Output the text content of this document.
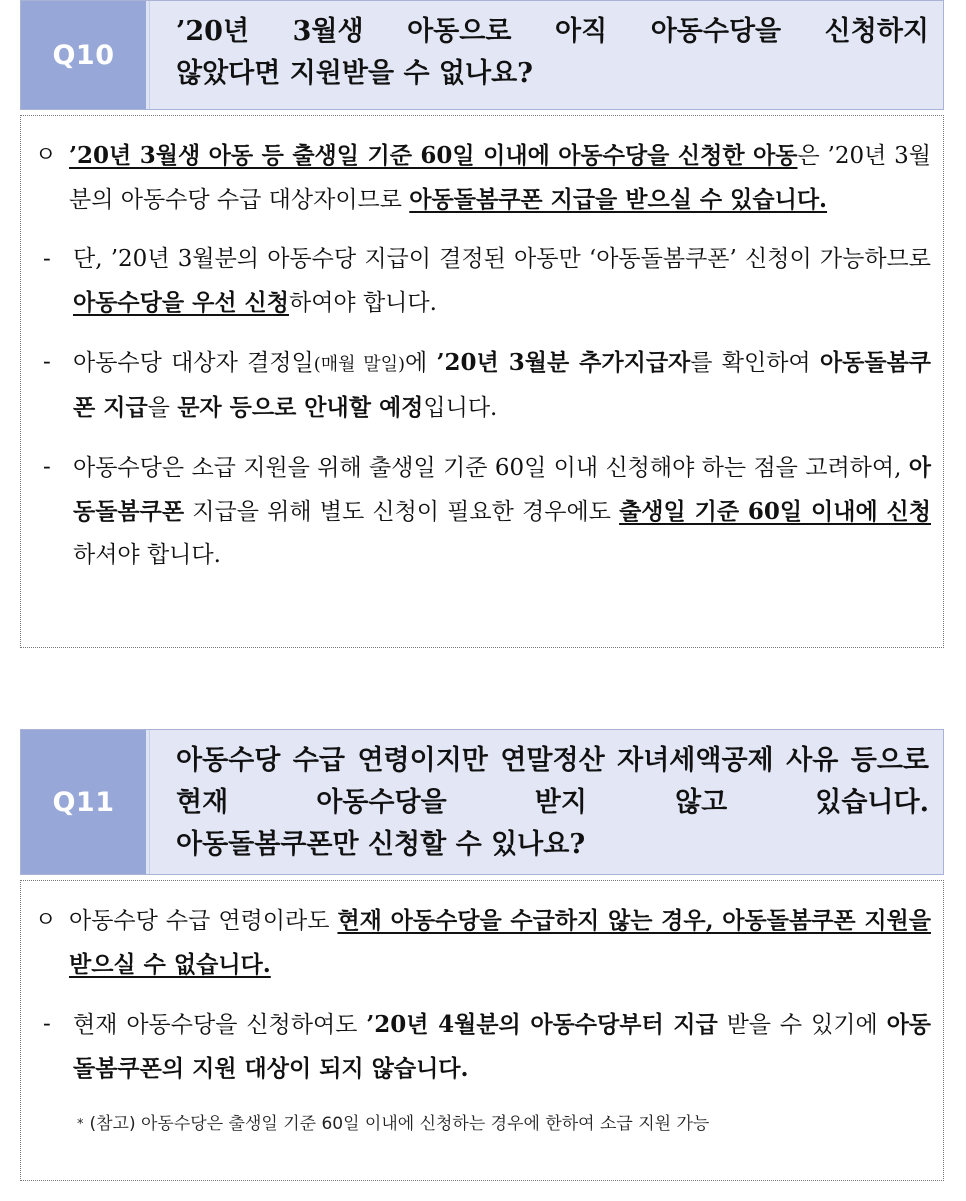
Q10
’20년 3월생 아동으로 아직 아동수당을 신청하지
않았다면 지원받을 수 없나요?
ㅇ ’20년 3월생 아동 등 출생일 기준 60일 이내에 아동수당을 신청한 아동은 ’20년 3월분의 아동수당 수급 대상자이므로 아동돌봄쿠폰 지급을 받으실 수 있습니다.
- 단, ’20년 3월분의 아동수당 지급이 결정된 아동만 ‘아동돌봄쿠폰’ 신청이 가능하므로 아동수당을 우선 신청하여야 합니다.
- 아동수당 대상자 결정일(매월 말일)에 ’20년 3월분 추가지급자를 확인하여 아동돌봄쿠폰 지급을 문자 등으로 안내할 예정입니다.
- 아동수당은 소급 지원을 위해 출생일 기준 60일 이내 신청해야 하는 점을 고려하여, 아동돌봄쿠폰 지급을 위해 별도 신청이 필요한 경우에도 출생일 기준 60일 이내에 신청하셔야 합니다.
Q11
아동수당 수급 연령이지만 연말정산 자녀세액공제 사유 등으로 현재 아동수당을 받지 않고 있습니다.
아동돌봄쿠폰만 신청할 수 있나요?
ㅇ 아동수당 수급 연령이라도 현재 아동수당을 수급하지 않는 경우, 아동돌봄쿠폰 지원을 받으실 수 없습니다.
- 현재 아동수당을 신청하여도 ’20년 4월분의 아동수당부터 지급 받을 수 있기에 아동돌봄쿠폰의 지원 대상이 되지 않습니다.
* (참고) 아동수당은 출생일 기준 60일 이내에 신청하는 경우에 한하여 소급 지원 가능
